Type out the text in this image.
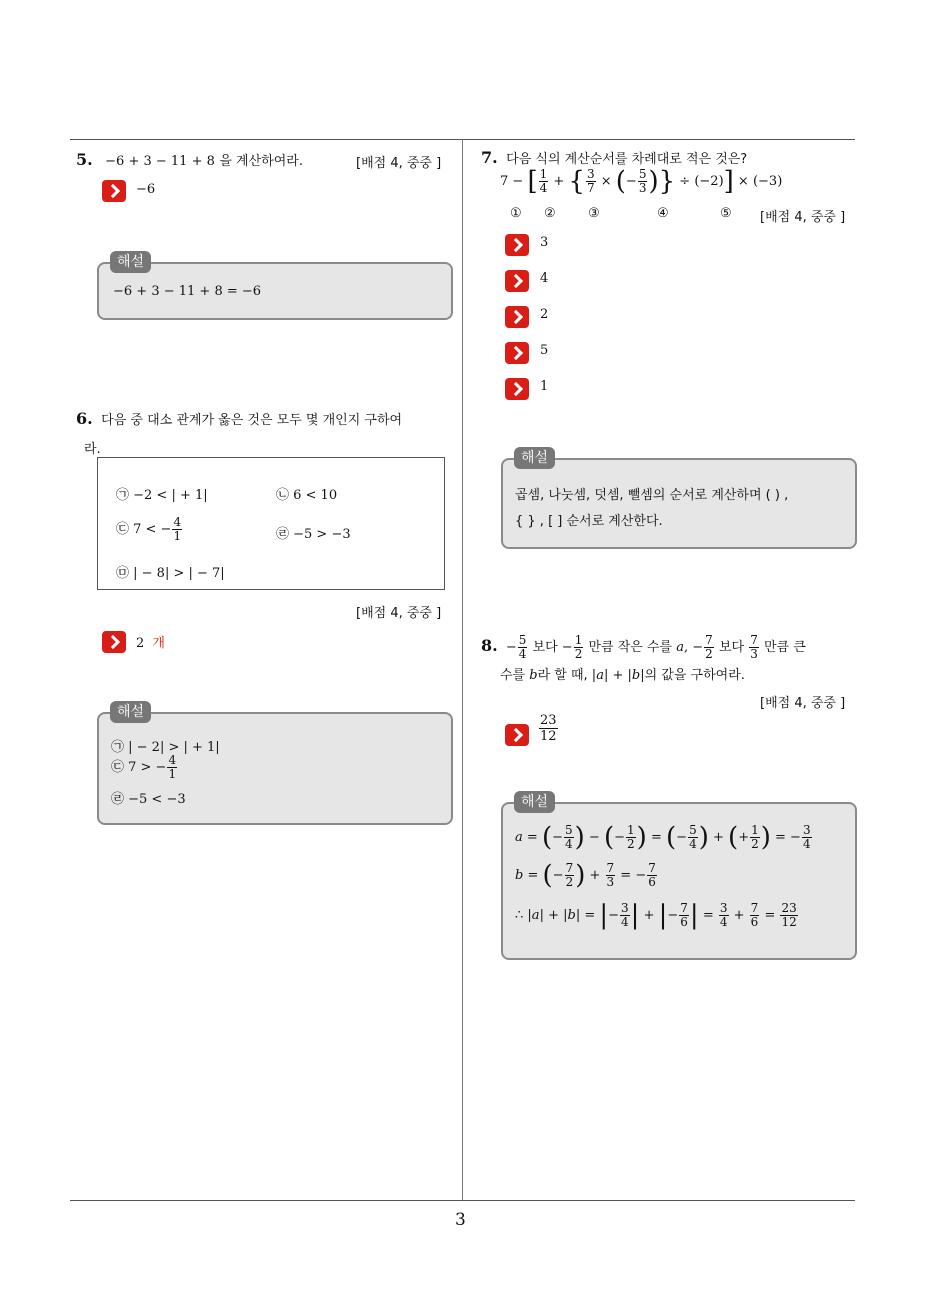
3
5. −6 + 3 − 11 + 8 을 계산하여라.	[배점 4, 중중 ]
−6
−6 + 3 − 11 + 8 = −6
해설
6. 다음 중 대소 관계가 옳은 것은 모두 몇 개인지 구하여
라.
㉠ −2 < | + 1|	㉡ 6 < 10
㉢ 7 < − $\frac{4}{1}$	㉣ −5 > −3
㉤ | − 8| > | − 7|
[배점 4, 중중 ]
2 개
㉠ | − 2| > | + 1|
㉢ 7 > − $\frac{4}{1}$
㉣ −5 < −3
해설
7. 다음 식의 계산순서를 차례대로 적은 것은?
7 − [ $\frac{1}{4}$ + { $\frac{3}{7}$ × (− $\frac{5}{3}$ )} ÷ (−2)] × (−3)
① ② ③	④	⑤ [배점 4, 중중 ]
3
4
2
5
1
곱셈, 나눗셈, 덧셈, 뺄셈의 순서로 계산하며 ( ) ,
{ } , [ ] 순서로 계산한다.
해설
8. − $\frac{5}{4}$ 보다 − $\frac{1}{2}$ 만큼 작은 수를 a, − $\frac{7}{2}$ 보다 $\frac{7}{3}$ 만큼 큰
수를 b라 할 때, |a| + |b|의 값을 구하여라.
[배점 4, 중중 ]
$\frac{23}{12}$
a = (− $\frac{5}{4}$ ) − (− $\frac{1}{2}$ ) = (− $\frac{5}{4}$ ) + (+ $\frac{1}{2}$ ) = − $\frac{3}{4}$
b = (− $\frac{7}{2}$ ) + $\frac{7}{3}$ = − $\frac{7}{6}$
∴ |a| + |b| = |− $\frac{3}{4}$ | + |− $\frac{7}{6}$ | = $\frac{3}{4} + \frac{7}{6} = \frac{23}{12}$
해설
